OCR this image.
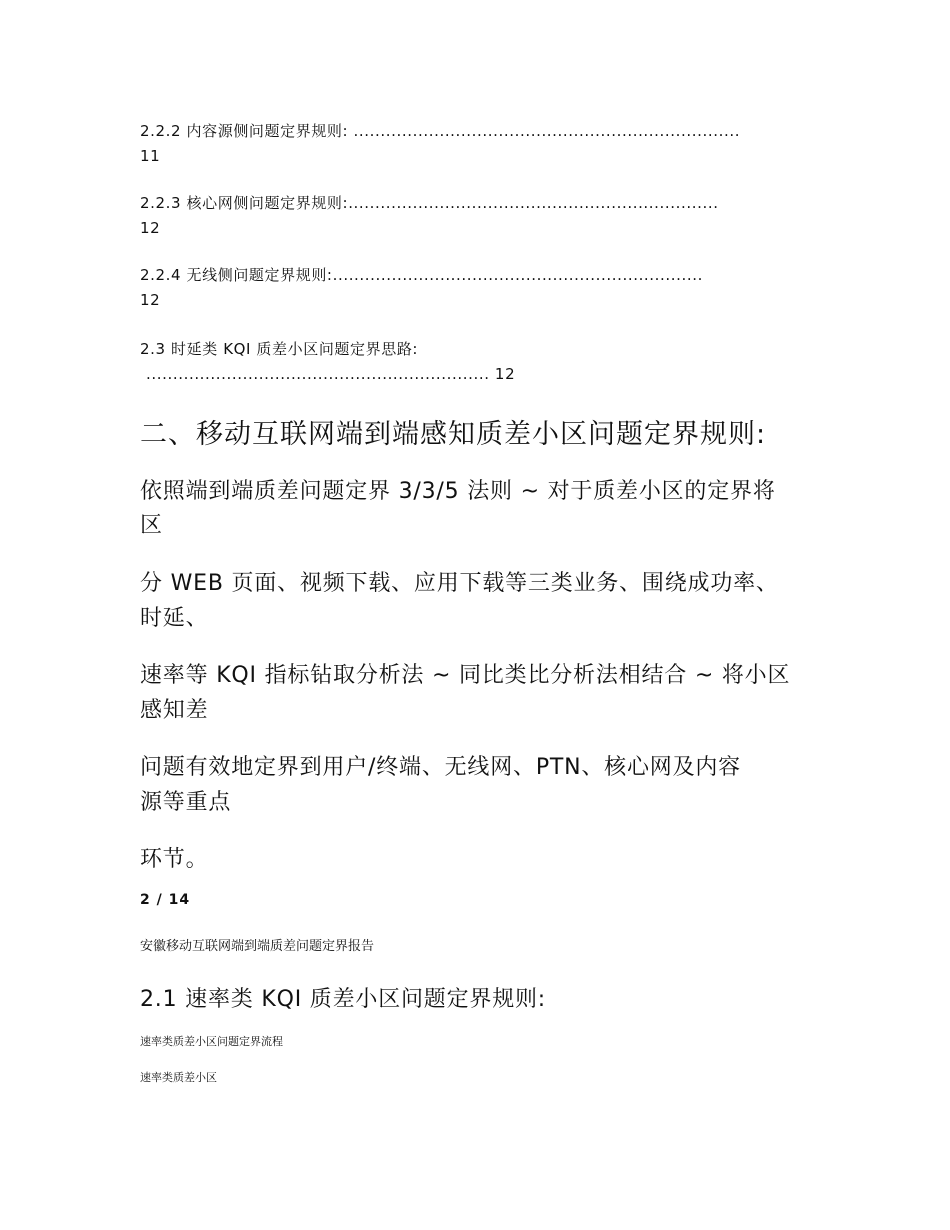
2.2.2 内容源侧问题定界规则: ........................................................................

11

2.2.3 核心网侧问题定界规则:.....................................................................

12

2.2.4 无线侧问题定界规则:.....................................................................

12

2.3 时延类 KQI 质差小区问题定界思路:

................................................................ 12

二、移动互联网端到端感知质差小区问题定界规则:

依照端到端质差问题定界 3/3/5 法则 ~ 对于质差小区的定界将

区

分 WEB 页面、视频下载、应用下载等三类业务、围绕成功率、

时延、

速率等 KQI 指标钻取分析法 ~ 同比类比分析法相结合 ~ 将小区

感知差

问题有效地定界到用户/终端、无线网、PTN、核心网及内容

源等重点

环节。

2 / 14

安徽移动互联网端到端质差问题定界报告

2.1 速率类 KQI 质差小区问题定界规则:

速率类质差小区问题定界流程

速率类质差小区
